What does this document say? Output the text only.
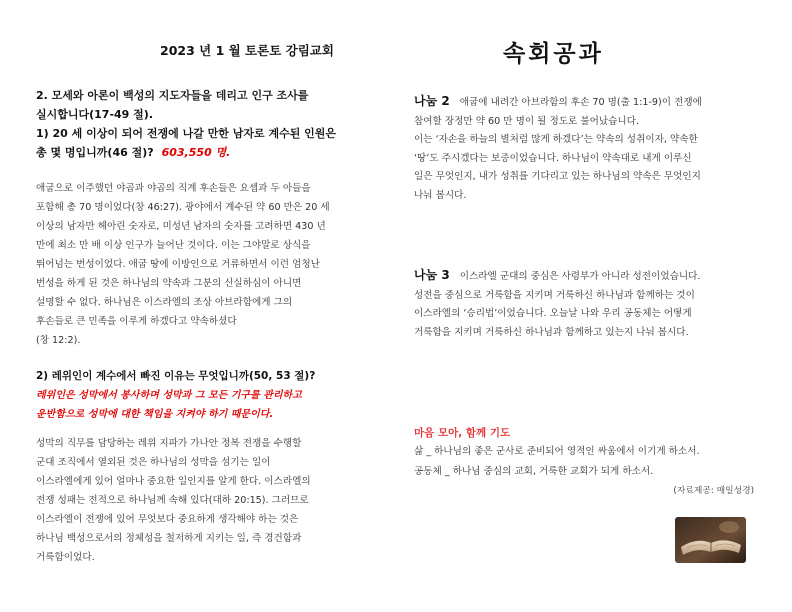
2023 년 1 월 토론토 강림교회	속회공과
2. 모세와 아론이 백성의 지도자들을 데리고 인구 조사를
실시합니다(17-49 절).
1) 20 세 이상이 되어 전쟁에 나갈 만한 남자로 계수된 인원은
총 몇 명입니까(46 절)? 603,550 명.
애굽으로 이주했던 야곱과 야곱의 직계 후손들은 요셉과 두 아들을
포함해 총 70 명이었다(창 46:27). 광야에서 계수된 약 60 만은 20 세
이상의 남자만 헤아린 숫자로, 미성년 남자의 숫자를 고려하면 430 년
만에 최소 만 배 이상 인구가 늘어난 것이다. 이는 그야말로 상식을
뛰어넘는 번성이었다. 애굽 땅에 이방인으로 거류하면서 이런 엄청난
번성을 하게 된 것은 하나님의 약속과 그분의 신실하심이 아니면
설명할 수 없다. 하나님은 이스라엘의 조상 아브라함에게 그의
후손들로 큰 민족을 이루게 하겠다고 약속하셨다
(창 12:2).
2) 레위인이 계수에서 빠진 이유는 무엇입니까(50, 53 절)?
레위인은 성막에서 봉사하며 성막과 그 모든 기구를 관리하고
운반함으로 성막에 대한 책임을 지켜야 하기 때문이다.
성막의 직무를 담당하는 레위 지파가 가나안 정복 전쟁을 수행할
군대 조직에서 열외된 것은 하나님의 성막을 섬기는 일이
이스라엘에게 있어 얼마나 중요한 일인지를 알게 한다. 이스라엘의
전쟁 성패는 전적으로 하나님께 속해 있다(대하 20:15). 그러므로
이스라엘이 전쟁에 있어 무엇보다 중요하게 생각해야 하는 것은
하나님 백성으로서의 정체성을 철저하게 지키는 일, 즉 경건함과
거룩함이었다.
나눔 2 애굽에 내려간 아브라함의 후손 70 명(출 1:1-9)이 전쟁에
참여할 장정만 약 60 만 명이 될 정도로 불어났습니다.
이는 ‘자손을 하늘의 별처럼 많게 하겠다’는 약속의 성취이자, 약속한
‘땅’도 주시겠다는 보증이었습니다. 하나님이 약속대로 내게 이루신
일은 무엇인지, 내가 성취를 기다리고 있는 하나님의 약속은 무엇인지
나눠 봅시다.
나눔 3 이스라엘 군대의 중심은 사령부가 아니라 성전이었습니다.
성전을 중심으로 거룩함을 지키며 거룩하신 하나님과 함께하는 것이
이스라엘의 ‘승리법’이었습니다. 오늘날 나와 우리 공동체는 어떻게
거룩함을 지키며 거룩하신 하나님과 함께하고 있는지 나눠 봅시다.
마음 모아, 함께 기도
삶 _ 하나님의 좋은 군사로 준비되어 영적인 싸움에서 이기게 하소서.
공동체 _ 하나님 중심의 교회, 거룩한 교회가 되게 하소서.
(자료제공: 매일성경)
